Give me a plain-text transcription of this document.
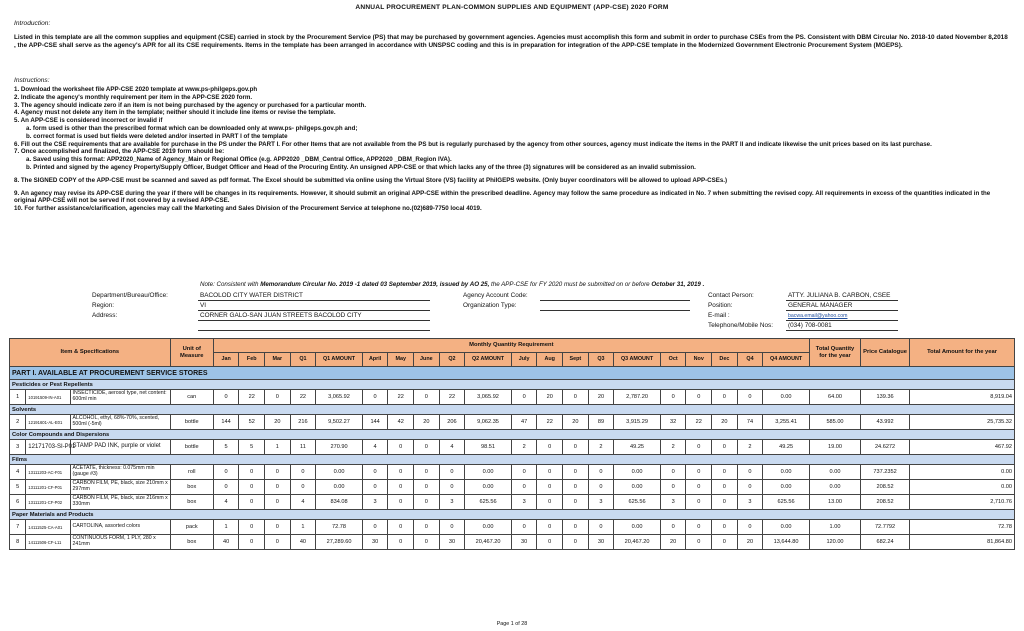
ANNUAL PROCUREMENT PLAN-COMMON SUPPLIES AND EQUIPMENT (APP-CSE) 2020 FORM
Introduction:
Listed in this template are all the common supplies and equipment (CSE) carried in stock by the Procurement Service (PS) that may be purchased by government agencies. Agencies must accomplish this form and submit in order to purchase CSEs from the PS. Consistent with DBM Circular No. 2018-10 dated November 8,2018 , the APP-CSE shall serve as the agency's APR for all its CSE requirements. Items in the template has been arranged in accordance with UNSPSC coding and this is in preparation for integration of the APP-CSE template in the Modernized Government Electronic Procurement System (MGEPS).
Instructions:
1. Download the worksheet file APP-CSE 2020 template at www.ps-philgeps.gov.ph
2. Indicate the agency's monthly requirement per item in the APP-CSE 2020 form.
3. The agency should indicate zero if an item is not being purchased by the agency or purchased for a particular month.
4. Agency must not delete any item in the template; neither should it include line items or revise the template.
5. An APP-CSE is considered incorrect or invalid if
a. form used is other than the prescribed format which can be downloaded only at www.ps- philgeps.gov.ph and;
b. correct format is used but fields were deleted and/or inserted in PART I of the template
6. Fill out the CSE requirements that are available for purchase in the PS under the PART I. For other Items that are not available from the PS but is regularly purchased by the agency from other sources, agency must indicate the items in the PART II and indicate likewise the unit prices based on its last purchase.
7. Once accomplished and finalized, the APP-CSE 2019 form should be:
a. Saved using this format: APP2020_Name of Agency_Main or Regional Office (e.g. APP2020 _DBM_Central Office, APP2020 _DBM_Region IVA).
b. Printed and signed by the agency Property/Supply Officer, Budget Officer and Head of the Procuring Entity. An unsigned APP-CSE or that which lacks any of the three (3) signatures will be considered as an invalid submission.
8. The SIGNED COPY of the APP-CSE must be scanned and saved as pdf format. The Excel should be submitted via online using the Virtual Store (VS) facility at PhilGEPS website. (Only buyer coordinators will be allowed to upload APP-CSEs.)
9. An agency may revise its APP-CSE during the year if there will be changes in its requirements. However, it should submit an original APP-CSE within the prescribed deadline. Agency may follow the same procedure as indicated in No. 7 when submitting the revised copy. All requirements in excess of the quantities indicated in the original APP-CSE will not be served if not covered by a revised APP-CSE.
10. For further assistance/clarification, agencies may call the Marketing and Sales Division of the Procurement Service at telephone no.(02)689-7750 local 4019.
Note: Consistent with Memorandum Circular No. 2019 -1 dated 03 September 2019, issued by AO 25, the APP-CSE for FY 2020 must be submitted on or before October 31, 2019 .
Department/Bureau/Office:	BACOLOD CITY WATER DISTRICT
Region:	VI
Address:	CORNER GALO-SAN JUAN STREETS BACOLOD CITY
Agency Account Code:
Organization Type:
Contact Person:	ATTY. JULIANA B. CARBON, CSEE
Position:	GENERAL MANAGER
E-mail :	bacwa.email@yahoo.com
Telephone/Mobile Nos: (034) 708-0081
Item & Specifications			Unit of Measure	Monthly Quantity Requirement																				Total Quantity for the year	Price Catalogue	Total Amount for the year
				Jan	Feb	Mar	Q1	Q1 AMOUNT	April	May	June	Q2	Q2 AMOUNT	July	Aug	Sept	Q3	Q3 AMOUNT	Oct	Nov	Dec	Q4	Q4 AMOUNT			
PART I. AVAILABLE AT PROCUREMENT SERVICE STORES																										
Pesticides or Pest Repellents																										
1	10191509-IN-A01	INSECTICIDE, aerosol type, net content: 600ml min	can	0	22	0	22	3,065.92	0	22	0	22	3,065.92	0	20	0	20	2,787.20	0	0	0	0	0.00	64.00	139.36	8,919.04
Solvents																										
2	12191601-AL-E01	ALCOHOL, ethyl, 68%-70%, scented, 500ml (-5ml)	bottle	144	52	20	216	9,502.27	144	42	20	206	9,062.35	47	22	20	89	3,915.29	32	22	20	74	3,255.41	585.00	43.992	25,735.32
Color Compounds and Dispersions																										
3	12171703-SI-P01	STAMP PAD INK, purple or violet	bottle	5	5	1	11	270.90	4	0	0	4	98.51	2	0	0	2	49.25	2	0	0	2	49.25	19.00	24.6272	467.92
Films																										
4	13111203-AC-F01	ACETATE, thickness: 0.075mm min (gauge #3)	roll	0	0	0	0	0.00	0	0	0	0	0.00	0	0	0	0	0.00	0	0	0	0	0.00	0.00	737.2352	0.00
5	13111201-CF-P01	CARBON FILM, PE, black, size 210mm x 297mm	box	0	0	0	0	0.00	0	0	0	0	0.00	0	0	0	0	0.00	0	0	0	0	0.00	0.00	208.52	0.00
6	13111201-CF-P02	CARBON FILM, PE, black, size 216mm x 330mm	box	4	0	0	4	834.08	3	0	0	3	625.56	3	0	0	3	625.56	3	0	0	3	625.56	13.00	208.52	2,710.76
Paper Materials and Products																										
7	14111525-CA-A01	CARTOLINA, assorted colors	pack	1	0	0	1	72.78	0	0	0	0	0.00	0	0	0	0	0.00	0	0	0	0	0.00	1.00	72.7792	72.78
8	14111506-CF-L11	CONTINUOUS FORM, 1 PLY, 280 x 241mm	box	40	0	0	40	27,289.60	30	0	0	30	20,467.20	30	0	0	30	20,467.20	20	0	0	20	13,644.80	120.00	682.24	81,864.80
Page 1 of 28
